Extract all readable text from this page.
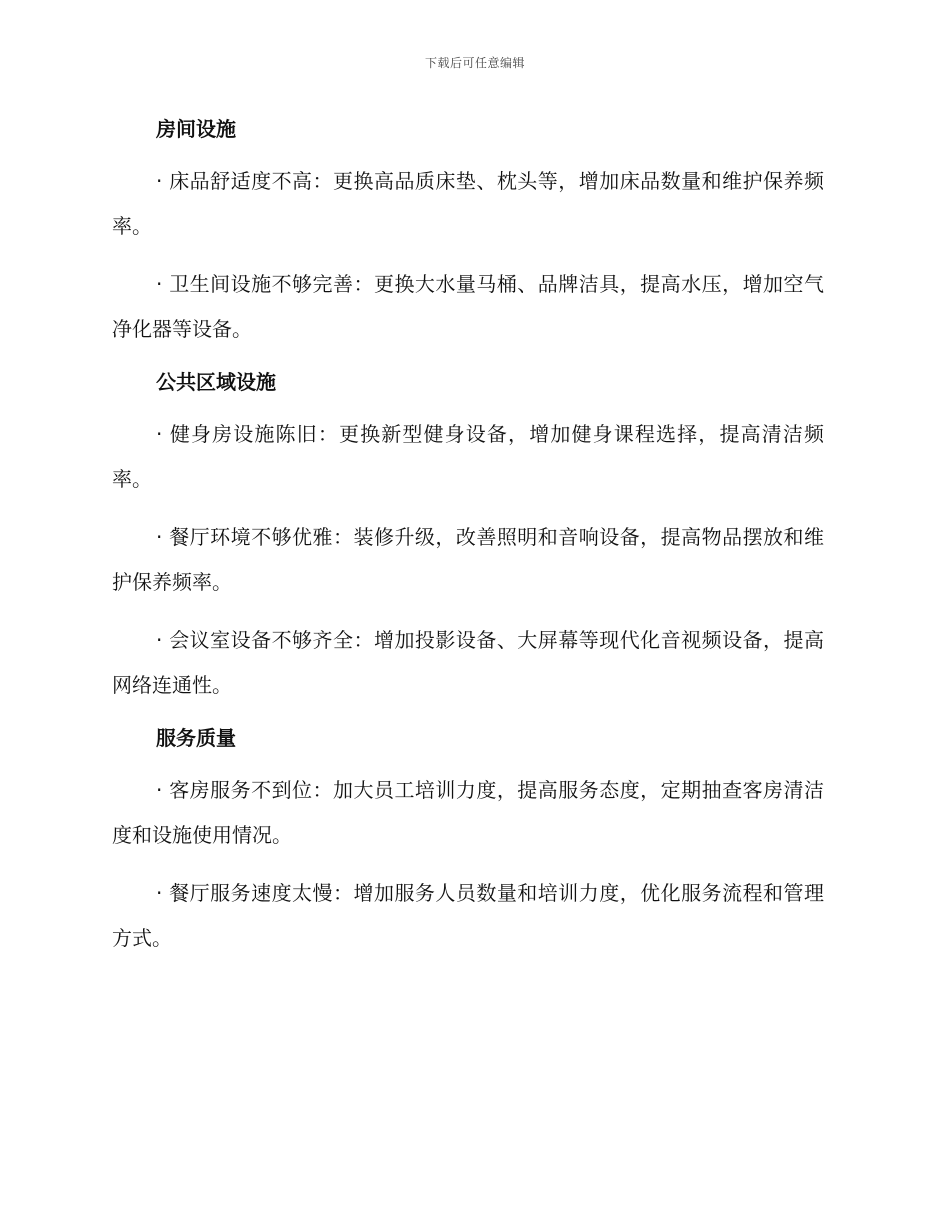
下载后可任意编辑
房间设施

· 床品舒适度不高：更换高品质床垫、枕头等，增加床品数量和维护保养频率。

· 卫生间设施不够完善：更换大水量马桶、品牌洁具，提高水压，增加空气净化器等设备。

公共区域设施

· 健身房设施陈旧：更换新型健身设备，增加健身课程选择，提高清洁频率。

· 餐厅环境不够优雅：装修升级，改善照明和音响设备，提高物品摆放和维护保养频率。

· 会议室设备不够齐全：增加投影设备、大屏幕等现代化音视频设备，提高网络连通性。

服务质量

· 客房服务不到位：加大员工培训力度，提高服务态度，定期抽查客房清洁度和设施使用情况。

· 餐厅服务速度太慢：增加服务人员数量和培训力度，优化服务流程和管理方式。
